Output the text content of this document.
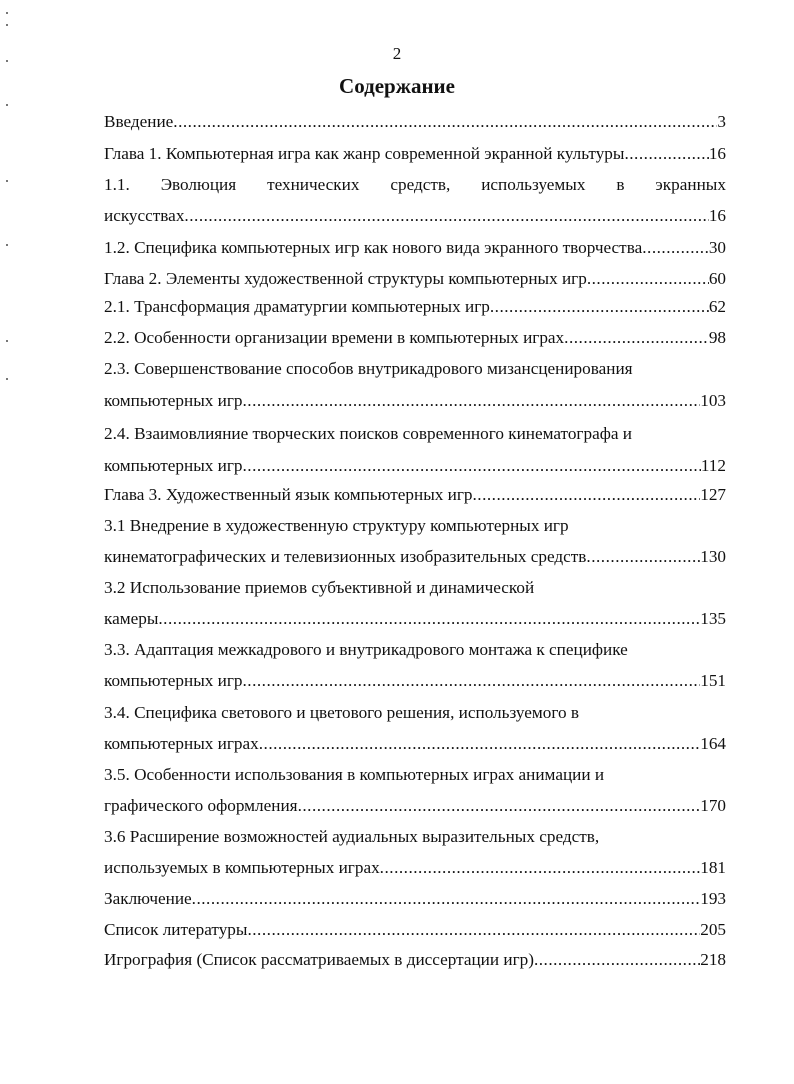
2
Содержание
Введение .....	3
Глава 1. Компьютерная игра как жанр современной экранной культуры .....	16
1.1. Эволюция технических средств, используемых в экранных
искусствах .....	16
1.2. Специфика компьютерных игр как нового вида экранного творчества .....	30
Глава 2. Элементы художественной структуры компьютерных игр .....	60
2.1. Трансформация драматургии компьютерных игр .....	62
2.2. Особенности организации времени в компьютерных играх .....	98
2.3. Совершенствование способов внутрикадрового мизансценирования
компьютерных игр .....	103
2.4. Взаимовлияние творческих поисков современного кинематографа и
компьютерных игр .....	112
Глава 3. Художественный язык компьютерных игр .....	127
3.1 Внедрение в художественную структуру компьютерных игр
кинематографических и телевизионных изобразительных средств .....	130
3.2 Использование приемов субъективной и динамической
камеры .....	135
3.3. Адаптация межкадрового и внутрикадрового монтажа к специфике
компьютерных игр .....	151
3.4. Специфика светового и цветового решения, используемого в
компьютерных играх .....	164
3.5. Особенности использования в компьютерных играх анимации и
графического оформления .....	170
3.6 Расширение возможностей аудиальных выразительных средств,
используемых в компьютерных играх .....	181
Заключение .....	193
Список литературы .....	205
Игрография (Список рассматриваемых в диссертации игр) .....	218
